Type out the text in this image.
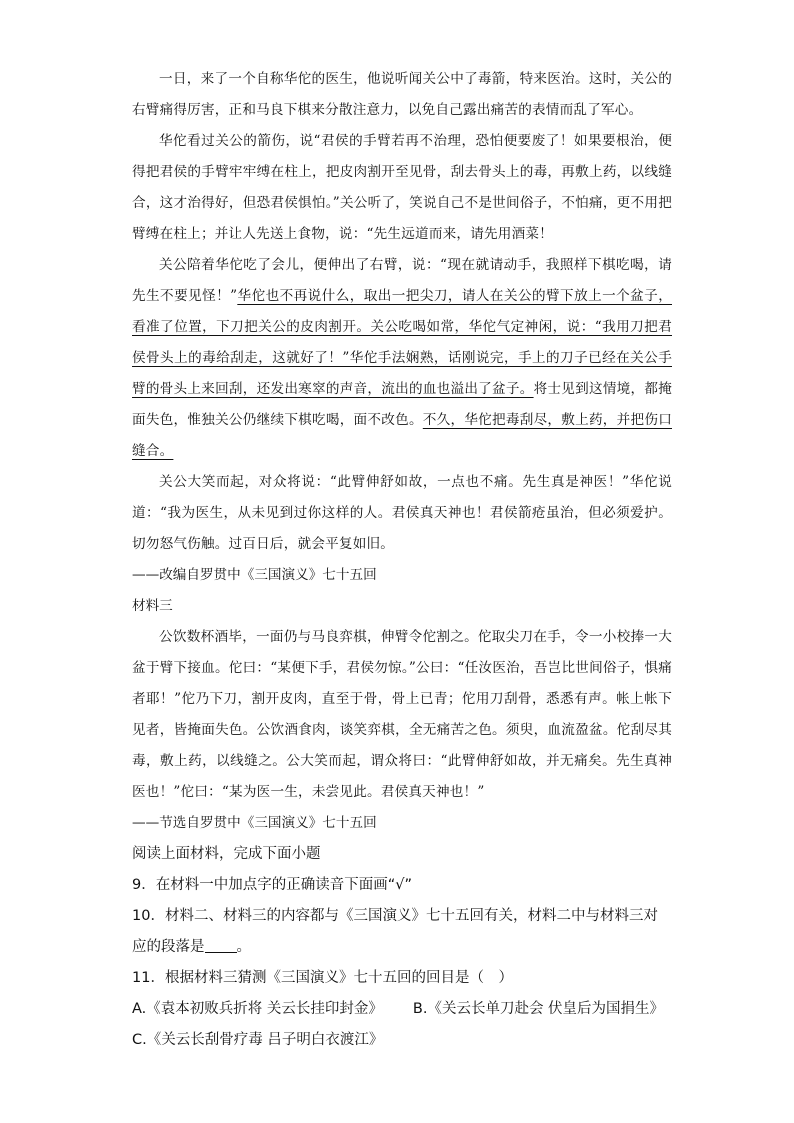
一日，来了一个自称华佗的医生，他说听闻关公中了毒箭，特来医治。这时，关公的右臂痛得厉害，正和马良下棋来分散注意力，以免自己露出痛苦的表情而乱了军心。

华佗看过关公的箭伤，说“君侯的手臂若再不治理，恐怕便要废了！如果要根治，便得把君侯的手臂牢牢缚在柱上，把皮肉割开至见骨，刮去骨头上的毒，再敷上药，以线缝合，这才治得好，但恐君侯惧怕。”关公听了，笑说自己不是世间俗子，不怕痛，更不用把臂缚在柱上；并让人先送上食物，说：“先生远道而来，请先用酒菜！

关公陪着华佗吃了会儿，便伸出了右臂，说：“现在就请动手，我照样下棋吃喝，请先生不要见怪！”华佗也不再说什么，取出一把尖刀，请人在关公的臂下放上一个盆子，看准了位置，下刀把关公的皮肉割开。关公吃喝如常，华佗气定神闲，说：“我用刀把君侯骨头上的毒给刮走，这就好了！”华佗手法娴熟，话刚说完，手上的刀子已经在关公手臂的骨头上来回刮，还发出寒窣的声音，流出的血也溢出了盆子。将士见到这情境，都掩面失色，惟独关公仍继续下棋吃喝，面不改色。不久，华佗把毒刮尽，敷上药，并把伤口缝合。

关公大笑而起，对众将说：“此臂伸舒如故，一点也不痛。先生真是神医！”华佗说道：“我为医生，从未见到过你这样的人。君侯真天神也！君侯箭疮虽治，但必须爱护。切勿怒气伤触。过百日后，就会平复如旧。

——改编自罗贯中《三国演义》七十五回

材料三

公饮数杯酒毕，一面仍与马良弈棋，伸臂令佗割之。佗取尖刀在手，令一小校捧一大盆于臂下接血。佗曰：“某便下手，君侯勿惊。”公曰：“任汝医治，吾岂比世间俗子，惧痛者耶！”佗乃下刀，割开皮肉，直至于骨，骨上已青；佗用刀刮骨，悉悉有声。帐上帐下见者，皆掩面失色。公饮酒食肉，谈笑弈棋，全无痛苦之色。须臾，血流盈盆。佗刮尽其毒，敷上药，以线缝之。公大笑而起，谓众将曰：“此臂伸舒如故，并无痛矣。先生真神医也！”佗曰：“某为医一生，未尝见此。君侯真天神也！”

——节选自罗贯中《三国演义》七十五回

阅读上面材料，完成下面小题

9．在材料一中加点字的正确读音下面画“√”

10．材料二、材料三的内容都与《三国演义》七十五回有关，材料二中与材料三对应的段落是 。

11．根据材料三猜测《三国演义》七十五回的回目是（　）

A.《袁本初败兵折将 关云长挂印封金》 B.《关云长单刀赴会 伏皇后为国捐生》

C.《关云长刮骨疗毒 吕子明白衣渡江》
